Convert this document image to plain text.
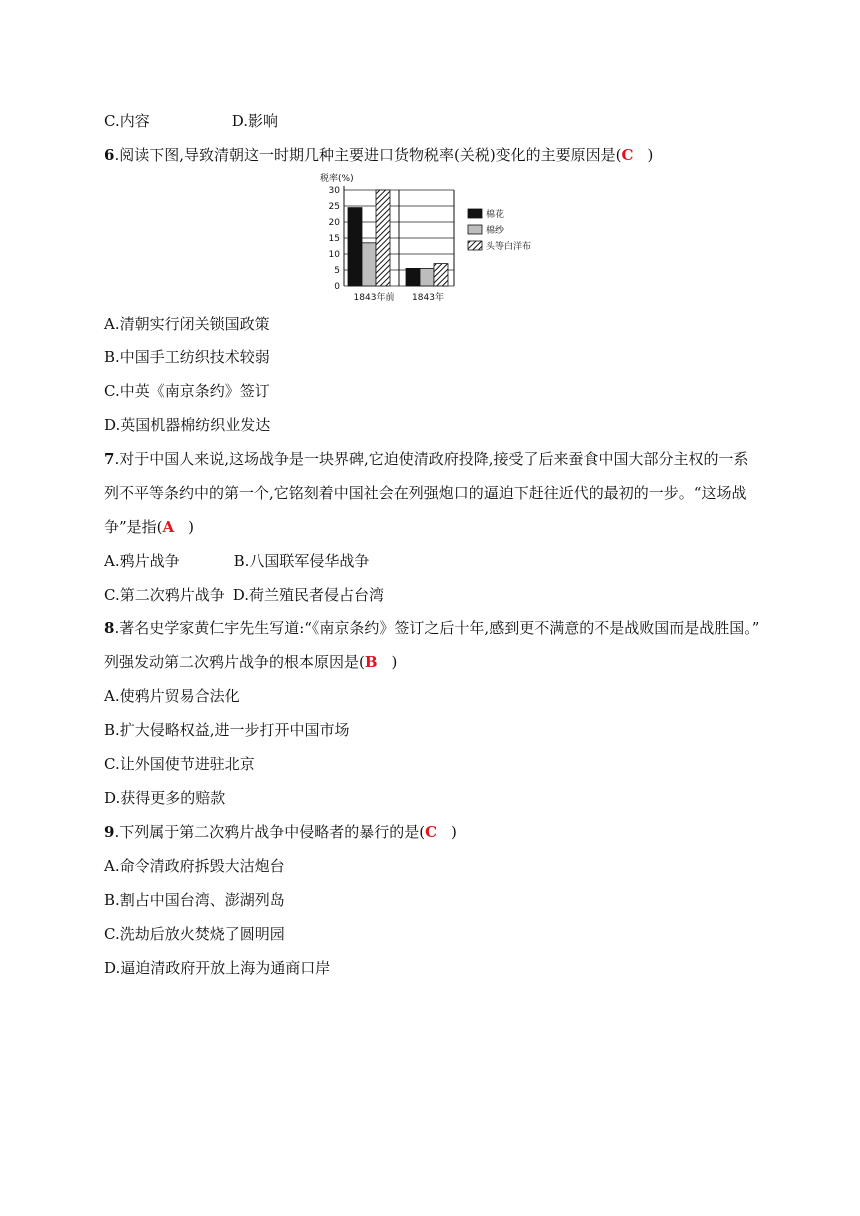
C.内容	D.影响
6.阅读下图,导致清朝这一时期几种主要进口货物税率(关税)变化的主要原因是(C )
税率(%)
0
5
10
15
20
25
30
1843年前 1843年
棉花
棉纱
头等白洋布
A.清朝实行闭关锁国政策
B.中国手工纺织技术较弱
C.中英《南京条约》签订
D.英国机器棉纺织业发达
7.对于中国人来说,这场战争是一块界碑,它迫使清政府投降,接受了后来蚕食中国大部分主权的一系
列不平等条约中的第一个,它铭刻着中国社会在列强炮口的逼迫下赶往近代的最初的一步。“这场战
争”是指(A )
A.鸦片战争	B.八国联军侵华战争
C.第二次鸦片战争 D.荷兰殖民者侵占台湾
8.著名史学家黄仁宇先生写道:“《南京条约》签订之后十年,感到更不满意的不是战败国而是战胜国。”
列强发动第二次鸦片战争的根本原因是(B )
A.使鸦片贸易合法化
B.扩大侵略权益,进一步打开中国市场
C.让外国使节进驻北京
D.获得更多的赔款
9.下列属于第二次鸦片战争中侵略者的暴行的是(C )
A.命令清政府拆毁大沽炮台
B.割占中国台湾、澎湖列岛
C.洗劫后放火焚烧了圆明园
D.逼迫清政府开放上海为通商口岸
